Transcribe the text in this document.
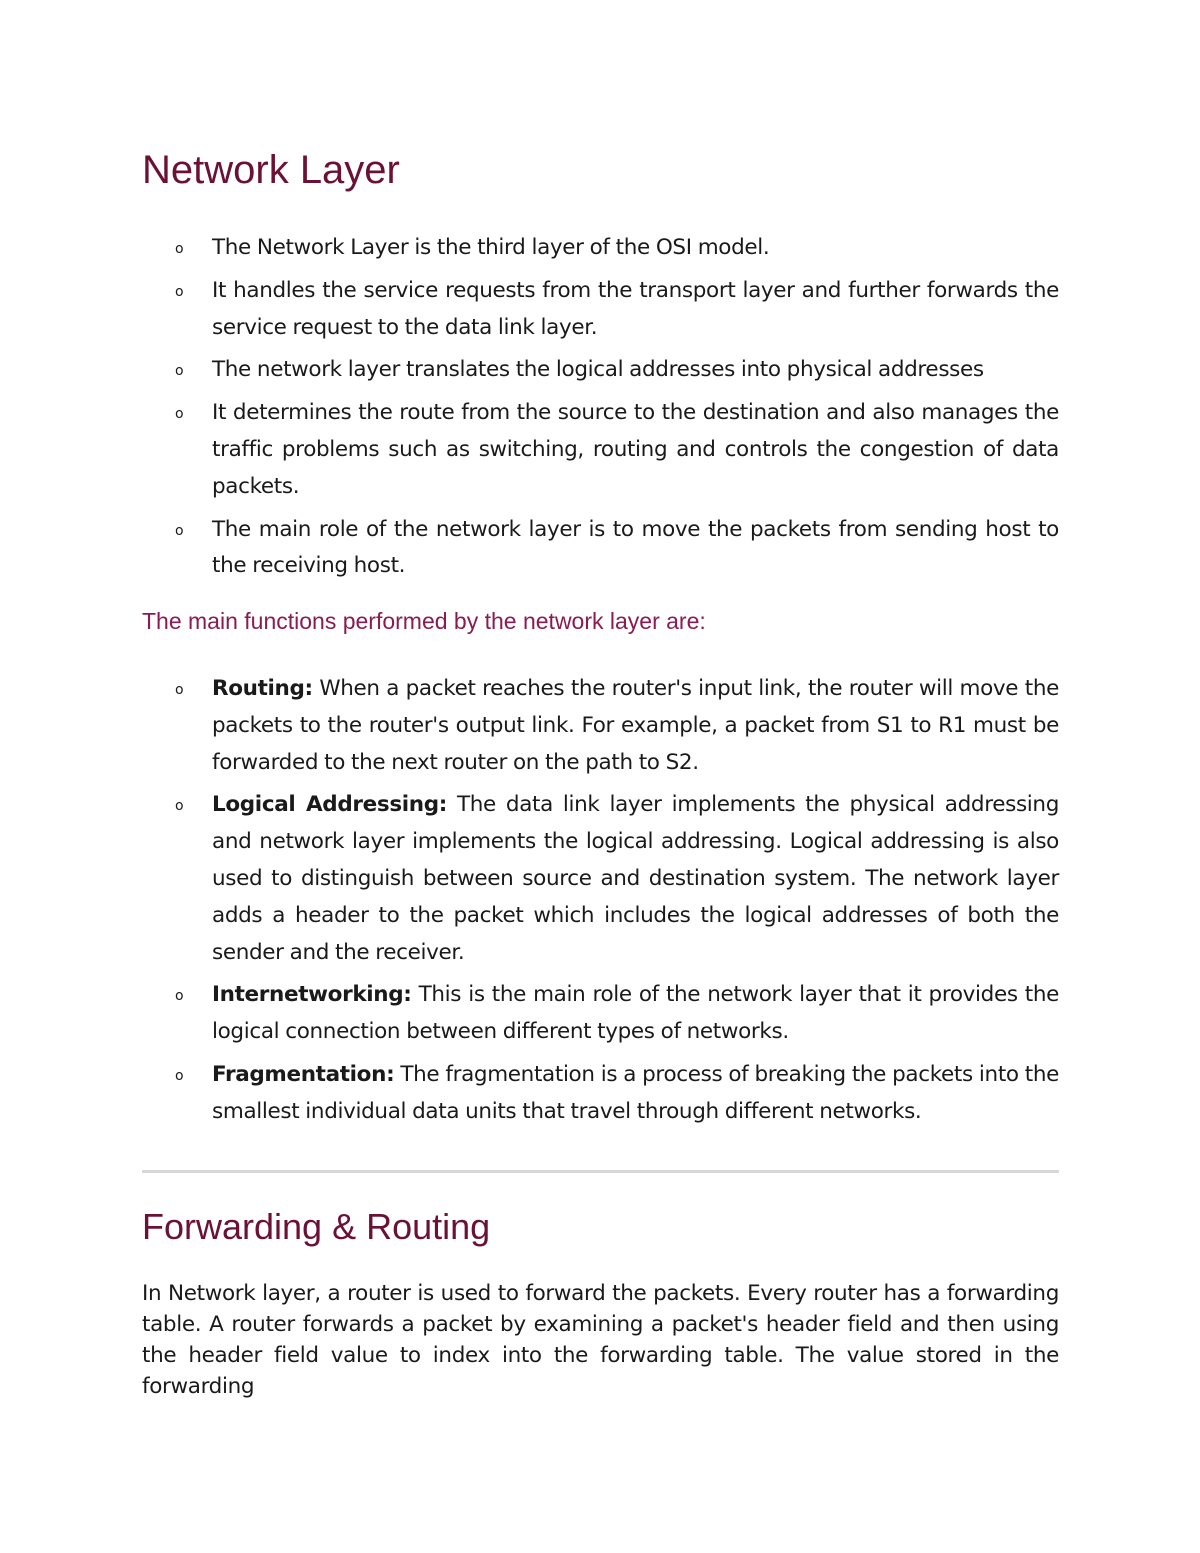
Network Layer
o The Network Layer is the third layer of the OSI model.
o It handles the service requests from the transport layer and further forwards the service request to the data link layer.
o The network layer translates the logical addresses into physical addresses
o It determines the route from the source to the destination and also manages the traffic problems such as switching, routing and controls the congestion of data packets.
o The main role of the network layer is to move the packets from sending host to the receiving host.
The main functions performed by the network layer are:
o Routing: When a packet reaches the router's input link, the router will move the packets to the router's output link. For example, a packet from S1 to R1 must be forwarded to the next router on the path to S2.
o Logical Addressing: The data link layer implements the physical addressing and network layer implements the logical addressing. Logical addressing is also used to distinguish between source and destination system. The network layer adds a header to the packet which includes the logical addresses of both the sender and the receiver.
o Internetworking: This is the main role of the network layer that it provides the logical connection between different types of networks.
o Fragmentation: The fragmentation is a process of breaking the packets into the smallest individual data units that travel through different networks.
Forwarding & Routing

In Network layer, a router is used to forward the packets. Every router has a forwarding table. A router forwards a packet by examining a packet's header field and then using the header field value to index into the forwarding table. The value stored in the forwarding
